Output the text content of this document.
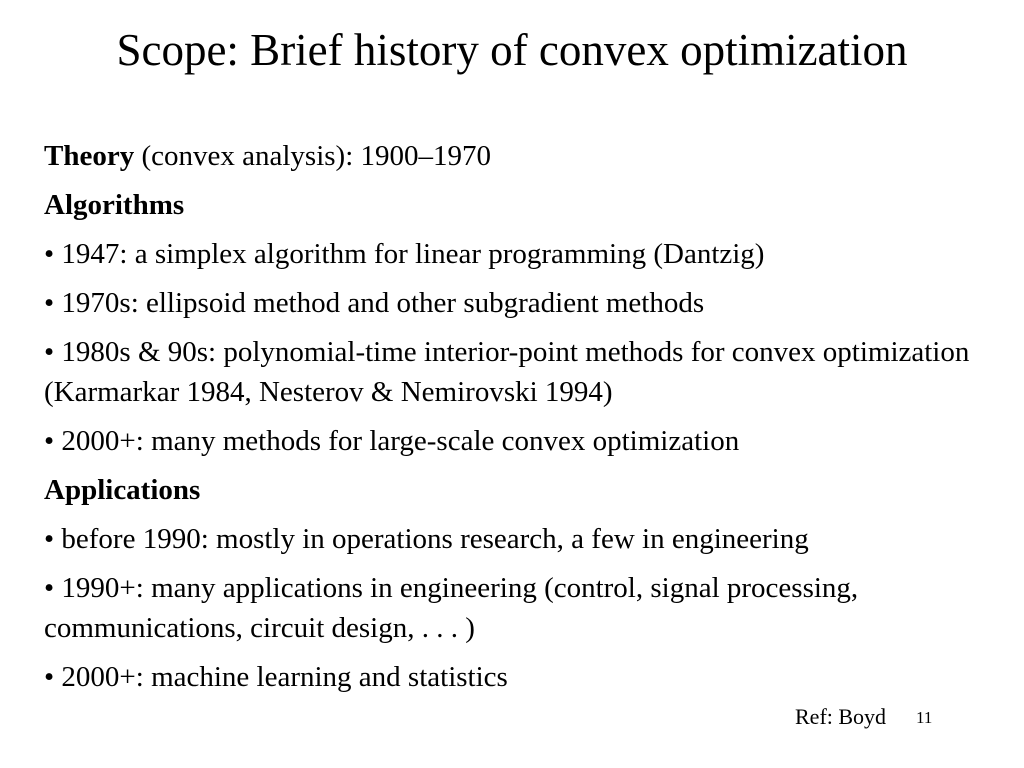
Scope: Brief history of convex optimization
Theory (convex analysis): 1900–1970
Algorithms
• 1947: a simplex algorithm for linear programming (Dantzig)
• 1970s: ellipsoid method and other subgradient methods
• 1980s & 90s: polynomial-time interior-point methods for convex optimization (Karmarkar 1984, Nesterov & Nemirovski 1994)
• 2000+: many methods for large-scale convex optimization
Applications
• before 1990: mostly in operations research, a few in engineering
• 1990+: many applications in engineering (control, signal processing, communications, circuit design, . . . )
• 2000+: machine learning and statistics
Ref: Boyd 11
